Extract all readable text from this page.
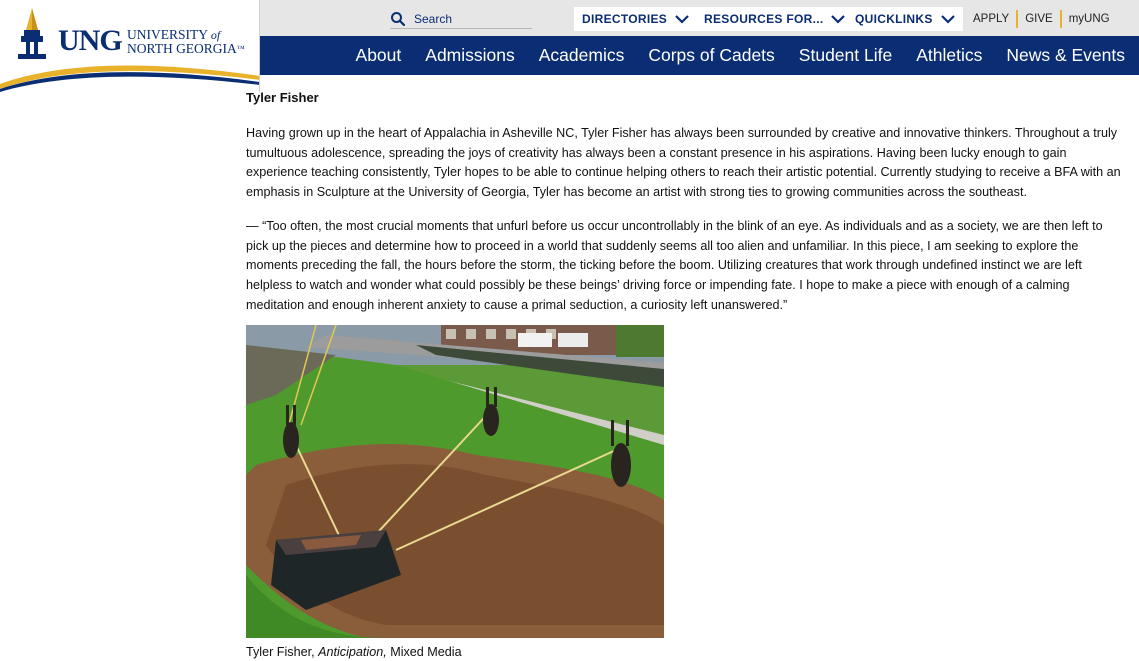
UNG UNIVERSITY of
NORTH GEORGIA™
Search
DIRECTORIES	RESOURCES FOR...	QUICKLINKS	APPLY	GIVE	myUNG
About Admissions Academics Corps of Cadets Student Life Athletics News & Events
Tyler Fisher

Having grown up in the heart of Appalachia in Asheville NC, Tyler Fisher has always been surrounded by creative and innovative thinkers. Throughout a truly tumultuous adolescence, spreading the joys of creativity has always been a constant presence in his aspirations. Having been lucky enough to gain experience teaching consistently, Tyler hopes to be able to continue helping others to reach their artistic potential. Currently studying to receive a BFA with an emphasis in Sculpture at the University of Georgia, Tyler has become an artist with strong ties to growing communities across the southeast.

— “Too often, the most crucial moments that unfurl before us occur uncontrollably in the blink of an eye. As individuals and as a society, we are then left to pick up the pieces and determine how to proceed in a world that suddenly seems all too alien and unfamiliar. In this piece, I am seeking to explore the moments preceding the fall, the hours before the storm, the ticking before the boom. Utilizing creatures that work through undefined instinct we are left helpless to watch and wonder what could possibly be these beings’ driving force or impending fate. I hope to make a piece with enough of a calming meditation and enough inherent anxiety to cause a primal seduction, a curiosity left unanswered.”

Tyler Fisher, Anticipation, Mixed Media
